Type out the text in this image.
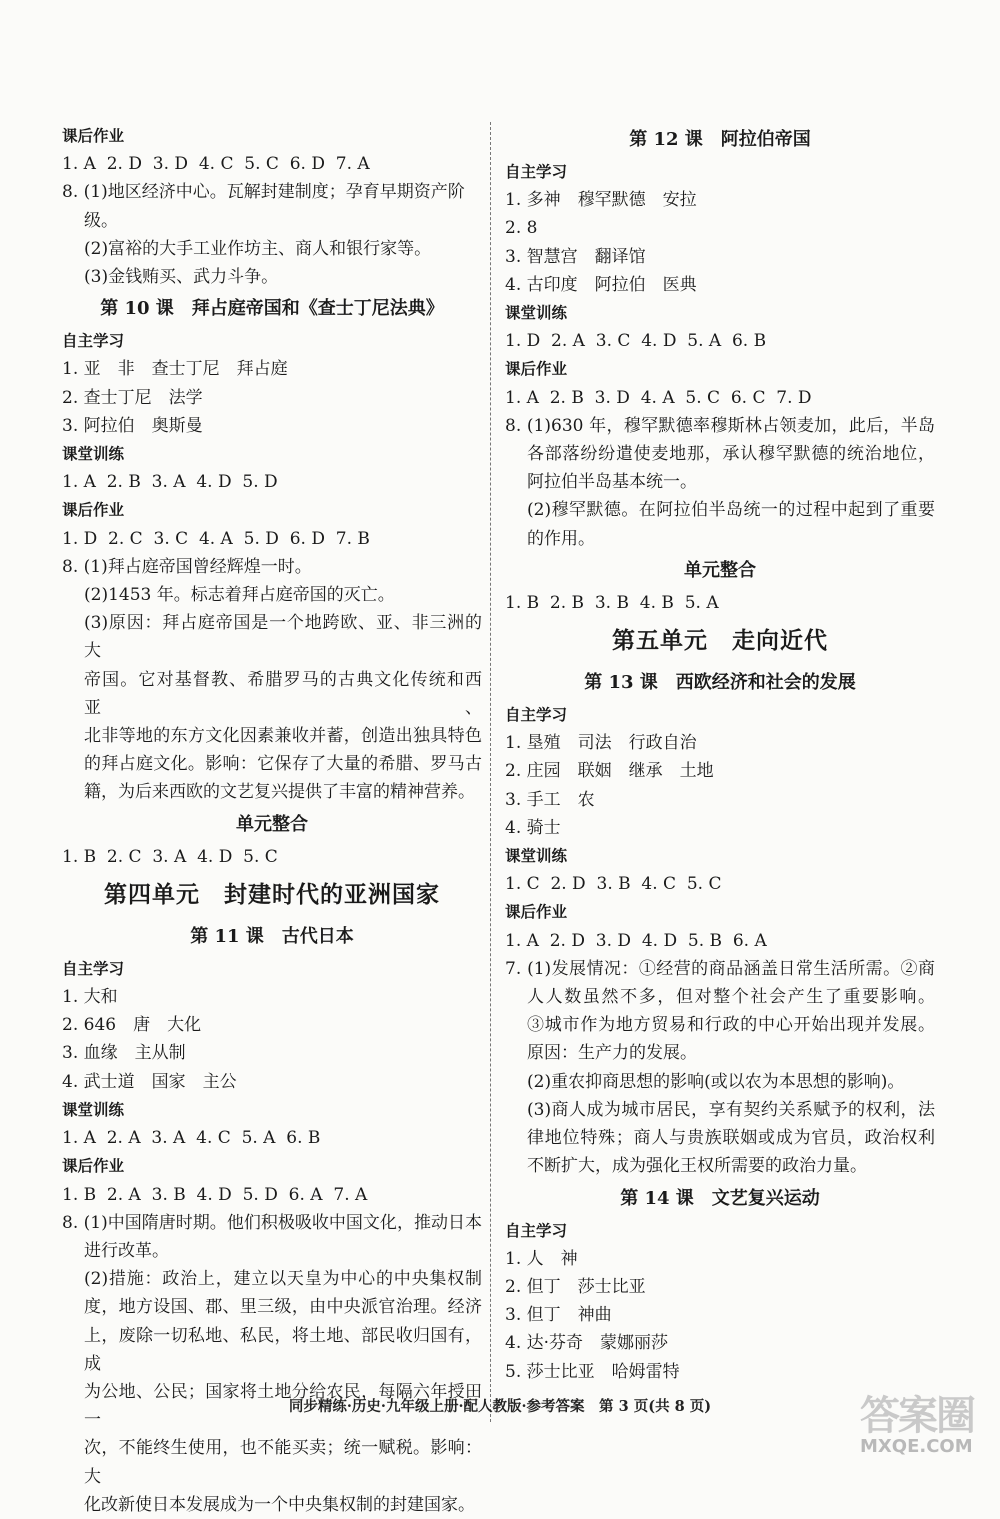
课后作业
1. A  2. D  3. D  4. C  5. C  6. D  7. A
8. (1)地区经济中心。瓦解封建制度；孕育早期资产阶级。
(2)富裕的大手工业作坊主、商人和银行家等。
(3)金钱贿买、武力斗争。
第 10 课　拜占庭帝国和《查士丁尼法典》
自主学习
1. 亚　非　查士丁尼　拜占庭
2. 查士丁尼　法学
3. 阿拉伯　奥斯曼
课堂训练
1. A  2. B  3. A  4. D  5. D
课后作业
1. D  2. C  3. C  4. A  5. D  6. D  7. B
8. (1)拜占庭帝国曾经辉煌一时。
(2)1453 年。标志着拜占庭帝国的灭亡。
(3)原因：拜占庭帝国是一个地跨欧、亚、非三洲的大
帝国。它对基督教、希腊罗马的古典文化传统和西亚、
北非等地的东方文化因素兼收并蓄，创造出独具特色
的拜占庭文化。影响：它保存了大量的希腊、罗马古
籍，为后来西欧的文艺复兴提供了丰富的精神营养。
单元整合
1. B  2. C  3. A  4. D  5. C
第四单元　封建时代的亚洲国家
第 11 课　古代日本
自主学习
1. 大和
2. 646　唐　大化
3. 血缘　主从制
4. 武士道　国家　主公
课堂训练
1. A  2. A  3. A  4. C  5. A  6. B
课后作业
1. B  2. A  3. B  4. D  5. D  6. A  7. A
8. (1)中国隋唐时期。他们积极吸收中国文化，推动日本
进行改革。
(2)措施：政治上，建立以天皇为中心的中央集权制
度，地方设国、郡、里三级，由中央派官治理。经济
上，废除一切私地、私民，将土地、部民收归国有，成
为公地、公民；国家将土地分给农民，每隔六年授田一
次，不能终生使用，也不能买卖；统一赋税。影响：大
化改新使日本发展成为一个中央集权制的封建国家。
第 12 课　阿拉伯帝国
自主学习
1. 多神　穆罕默德　安拉
2. 8
3. 智慧宫　翻译馆
4. 古印度　阿拉伯　医典
课堂训练
1. D  2. A  3. C  4. D  5. A  6. B
课后作业
1. A  2. B  3. D  4. A  5. C  6. C  7. D
8. (1)630 年，穆罕默德率穆斯林占领麦加，此后，半岛
各部落纷纷遣使麦地那，承认穆罕默德的统治地位，
阿拉伯半岛基本统一。
(2)穆罕默德。在阿拉伯半岛统一的过程中起到了重要
的作用。
单元整合
1. B  2. B  3. B  4. B  5. A
第五单元　走向近代
第 13 课　西欧经济和社会的发展
自主学习
1. 垦殖　司法　行政自治
2. 庄园　联姻　继承　土地
3. 手工　农
4. 骑士
课堂训练
1. C  2. D  3. B  4. C  5. C
课后作业
1. A  2. D  3. D  4. D  5. B  6. A
7. (1)发展情况：①经营的商品涵盖日常生活所需。②商
人人数虽然不多，但对整个社会产生了重要影响。
③城市作为地方贸易和行政的中心开始出现并发展。
原因：生产力的发展。
(2)重农抑商思想的影响(或以农为本思想的影响)。
(3)商人成为城市居民，享有契约关系赋予的权利，法
律地位特殊；商人与贵族联姻或成为官员，政治权利
不断扩大，成为强化王权所需要的政治力量。
第 14 课　文艺复兴运动
自主学习
1. 人　神
2. 但丁　莎士比亚
3. 但丁　神曲
4. 达·芬奇　蒙娜丽莎
5. 莎士比亚　哈姆雷特
同步精练·历史·九年级上册·配人教版·参考答案　第 3 页(共 8 页)	答案圈
MXQE.COM
